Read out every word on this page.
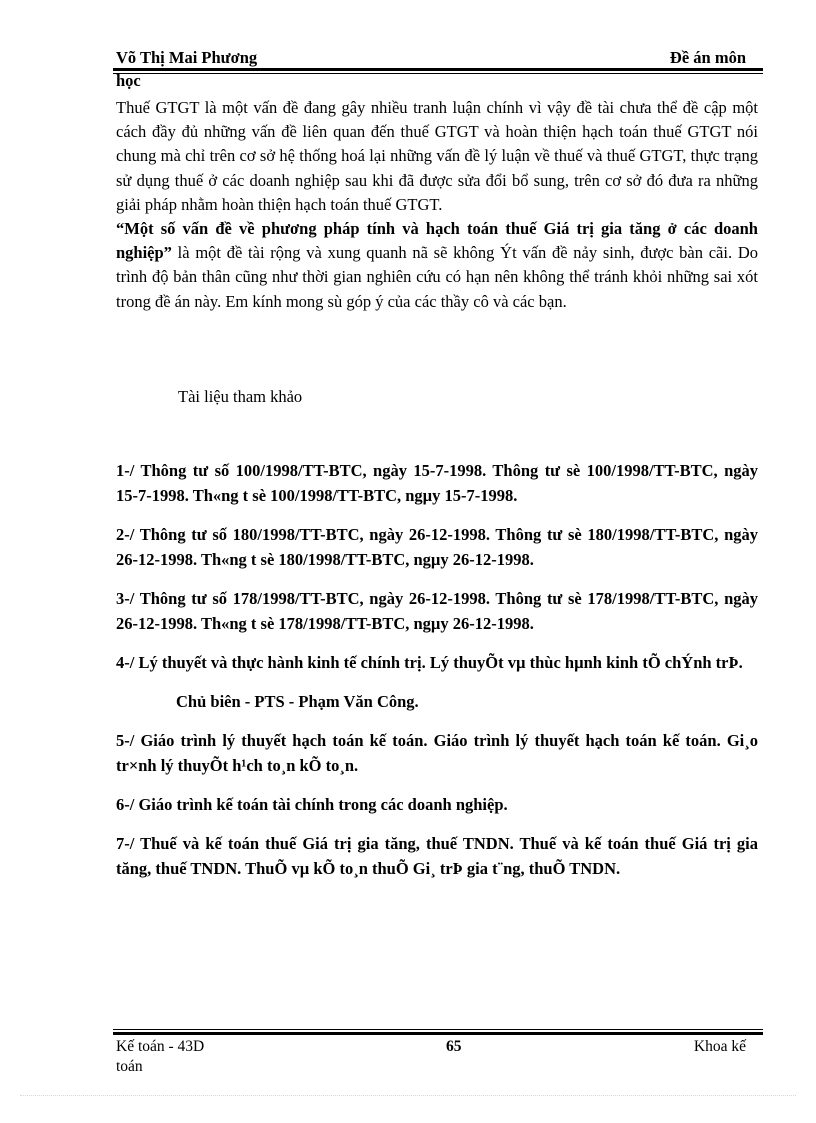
Võ Thị Mai Phương	Đề án môn
học

Thuế GTGT là một vấn đề đang gây nhiều tranh luận chính vì vậy đề tài chưa thể đề cập một cách đầy đủ những vấn đề liên quan đến thuế GTGT và hoàn thiện hạch toán thuế GTGT nói chung mà chỉ trên cơ sở hệ thống hoá lại những vấn đề lý luận về thuế và thuế GTGT, thực trạng sử dụng thuế ở các doanh nghiệp sau khi đã được sửa đổi bổ sung, trên cơ sở đó đưa ra những giải pháp nhằm hoàn thiện hạch toán thuế GTGT.

“Một số vấn đề về phương pháp tính và hạch toán thuế Giá trị gia tăng ở các doanh nghiệp” là một đề tài rộng và xung quanh nã sẽ không Ýt vấn đề nảy sinh, được bàn cãi. Do trình độ bản thân cũng như thời gian nghiên cứu có hạn nên không thể tránh khỏi những sai xót trong đề án này. Em kính mong sù góp ý của các thầy cô và các bạn.

Tài liệu tham khảo

1-/ Thông tư số 100/1998/TT-BTC, ngày 15-7-1998. Thông tư sè 100/1998/TT-BTC, ngày 15-7-1998. Th«ng t sè 100/1998/TT-BTC, ngµy 15-7-1998.

2-/ Thông tư số 180/1998/TT-BTC, ngày 26-12-1998. Thông tư sè 180/1998/TT-BTC, ngày 26-12-1998. Th«ng t sè 180/1998/TT-BTC, ngµy 26-12-1998.

3-/ Thông tư số 178/1998/TT-BTC, ngày 26-12-1998. Thông tư sè 178/1998/TT-BTC, ngày 26-12-1998. Th«ng t sè 178/1998/TT-BTC, ngµy 26-12-1998.

4-/ Lý thuyết và thực hành kinh tế chính trị. Lý thuyÕt vµ thùc hµnh kinh tÕ chÝnh trÞ.

Chủ biên - PTS - Phạm Văn Công.

5-/ Giáo trình lý thuyết hạch toán kế toán. Giáo trình lý thuyết hạch toán kế toán. Gi¸o tr×nh lý thuyÕt h¹ch to¸n kÕ to¸n.

6-/ Giáo trình kế toán tài chính trong các doanh nghiệp.

7-/ Thuế và kế toán thuế Giá trị gia tăng, thuế TNDN. Thuế và kế toán thuế Giá trị gia tăng, thuế TNDN. ThuÕ vµ kÕ to¸n thuÕ Gi¸ trÞ gia t¨ng, thuÕ TNDN.

Kế toán - 43D	65	Khoa kế
toán
